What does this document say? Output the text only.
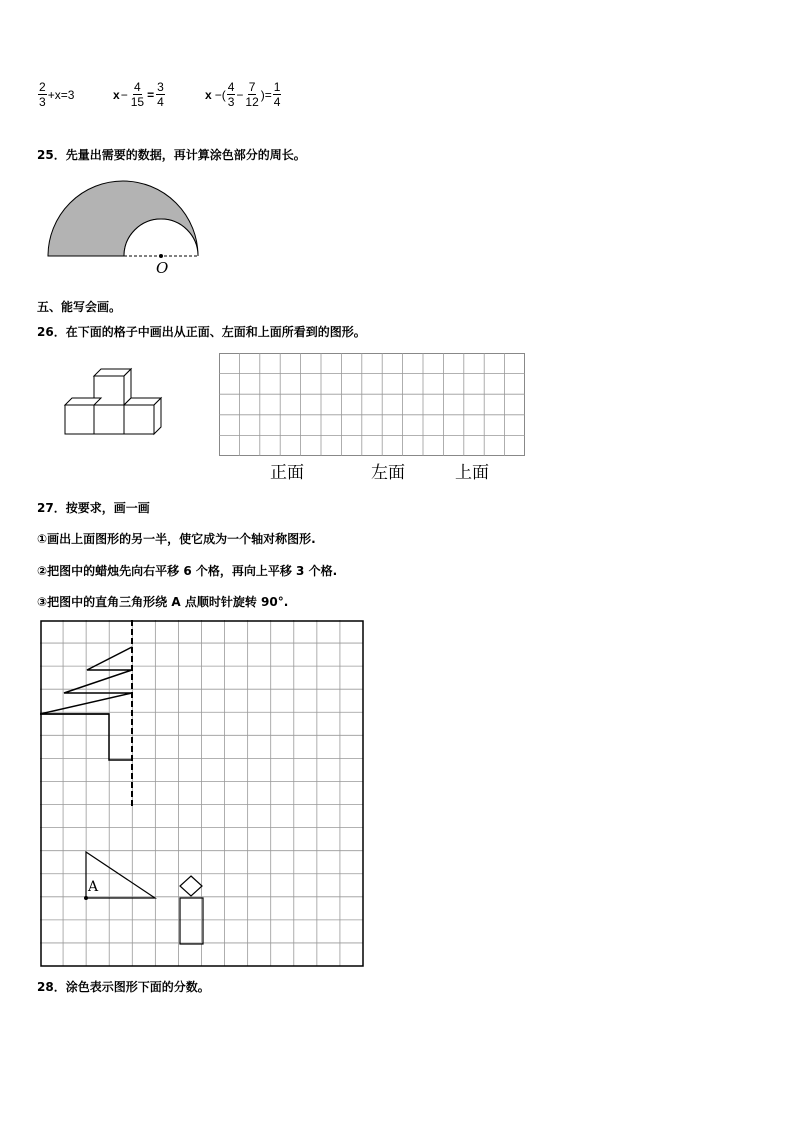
$\frac{2}{3} +x=3$	$x - \frac{4}{15} = \frac{3}{4}$	x −( $\frac{4}{3} - \frac{7}{12}$ )= $\frac{1}{4}$
25．先量出需要的数据，再计算涂色部分的周长。
O
五、能写会画。
26．在下面的格子中画出从正面、左面和上面所看到的图形。
正面	左面	上面
27．按要求，画一画
①画出上面图形的另一半，使它成为一个轴对称图形.
②把图中的蜡烛先向右平移 6 个格，再向上平移 3 个格.
③把图中的直角三角形绕 A 点顺时针旋转 90°.
A
28．涂色表示图形下面的分数。
